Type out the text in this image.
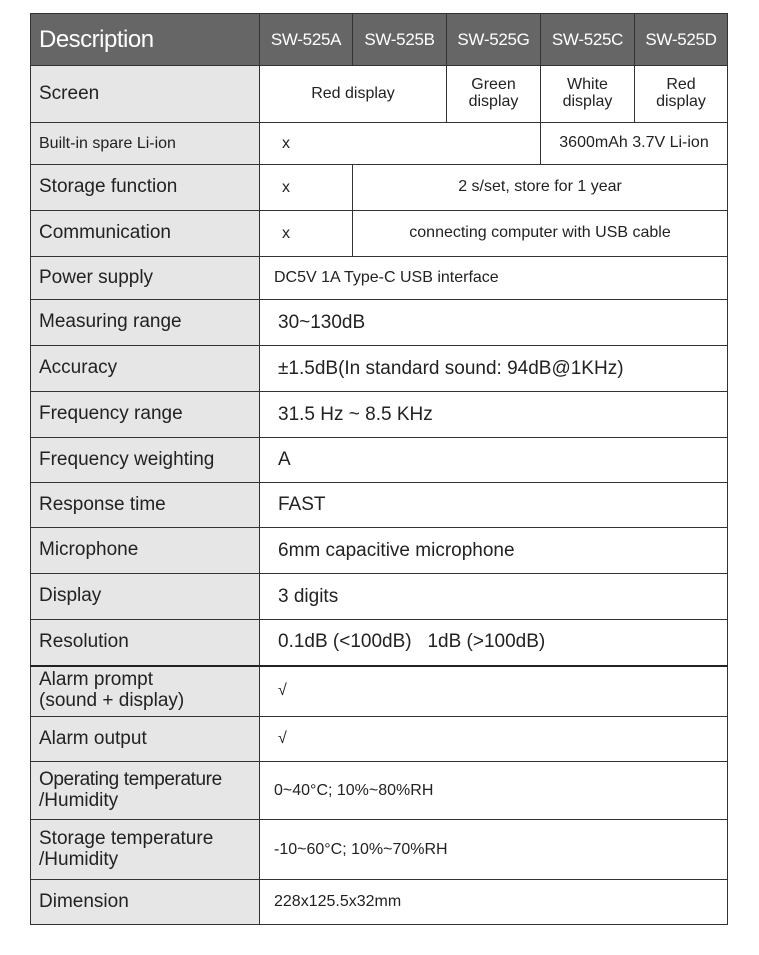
Description	SW-525A	SW-525B	SW-525G	SW-525C	SW-525D
Screen	Red display		Green display	White display	Red display
Built-in spare Li-ion	x			3600mAh 3.7V Li-ion	
Storage function	x	2 s/set, store for 1 year			
Communication	x	connecting computer with USB cable			
Power supply	DC5V 1A Type-C USB interface				
Measuring range	30~130dB				
Accuracy	±1.5dB(In standard sound: 94dB@1KHz)				
Frequency range	31.5 Hz ~ 8.5 KHz				
Frequency weighting	A				
Response time	FAST				
Microphone	6mm capacitive microphone				
Display	3 digits				
Resolution	0.1dB (<100dB)   1dB (>100dB)				

Alarm prompt
(sound + display)	√				
Alarm output	√				

Operating temperature
/Humidity	0~40°C; 10%~80%RH				

Storage temperature
/Humidity	-10~60°C; 10%~70%RH				
Dimension	228x125.5x32mm				
